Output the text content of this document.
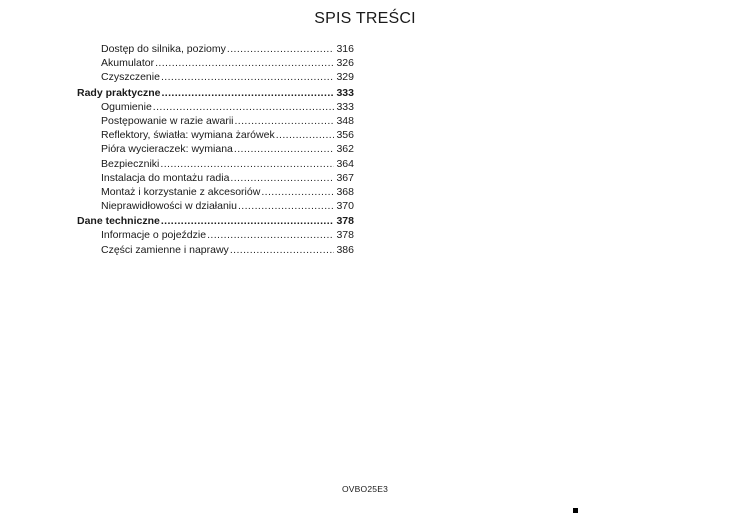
SPIS TREŚCI
Dostęp do silnika, poziomy .....	316
Akumulator .....	326
Czyszczenie .....	329
Rady praktyczne .....	333
Ogumienie .....	333
Postępowanie w razie awarii .....	348
Reflektory, światła: wymiana żarówek .....	356
Pióra wycieraczek: wymiana .....	362
Bezpieczniki .....	364
Instalacja do montażu radia .....	367
Montaż i korzystanie z akcesoriów .....	368
Nieprawidłowości w działaniu .....	370
Dane techniczne .....	378
Informacje o pojeździe .....	378
Części zamienne i naprawy .....	386
OVBO25E3
